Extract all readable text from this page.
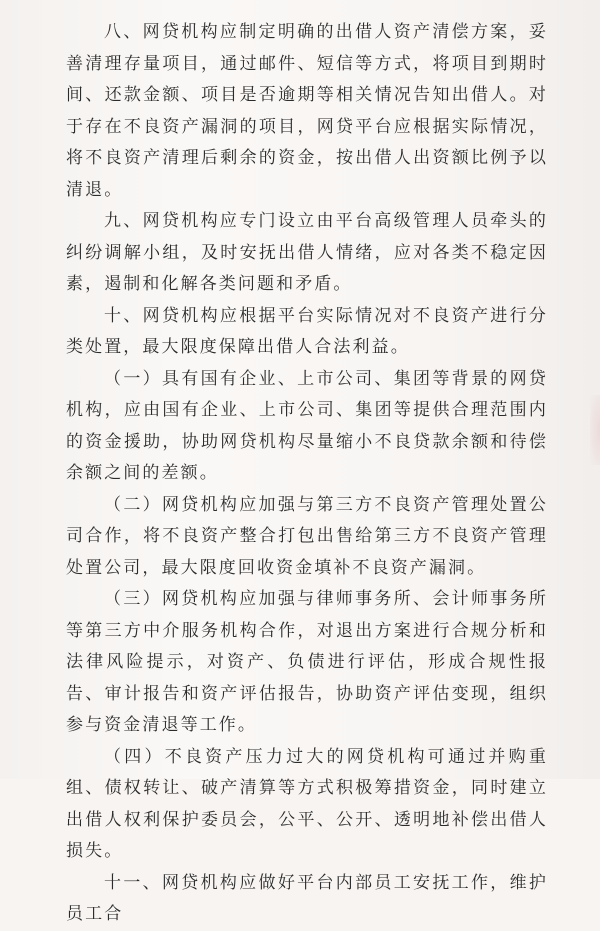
八、网贷机构应制定明确的出借人资产清偿方案，妥善清理存量项目，通过邮件、短信等方式，将项目到期时间、还款金额、项目是否逾期等相关情况告知出借人。对于存在不良资产漏洞的项目，网贷平台应根据实际情况，将不良资产清理后剩余的资金，按出借人出资额比例予以清退。

九、网贷机构应专门设立由平台高级管理人员牵头的纠纷调解小组，及时安抚出借人情绪，应对各类不稳定因素，遏制和化解各类问题和矛盾。

十、网贷机构应根据平台实际情况对不良资产进行分类处置，最大限度保障出借人合法利益。

（一）具有国有企业、上市公司、集团等背景的网贷机构，应由国有企业、上市公司、集团等提供合理范围内的资金援助，协助网贷机构尽量缩小不良贷款余额和待偿余额之间的差额。

（二）网贷机构应加强与第三方不良资产管理处置公司合作，将不良资产整合打包出售给第三方不良资产管理处置公司，最大限度回收资金填补不良资产漏洞。

（三）网贷机构应加强与律师事务所、会计师事务所等第三方中介服务机构合作，对退出方案进行合规分析和法律风险提示，对资产、负债进行评估，形成合规性报告、审计报告和资产评估报告，协助资产评估变现，组织参与资金清退等工作。

（四）不良资产压力过大的网贷机构可通过并购重组、债权转让、破产清算等方式积极筹措资金，同时建立出借人权利保护委员会，公平、公开、透明地补偿出借人损失。

十一、网贷机构应做好平台内部员工安抚工作，维护员工合
